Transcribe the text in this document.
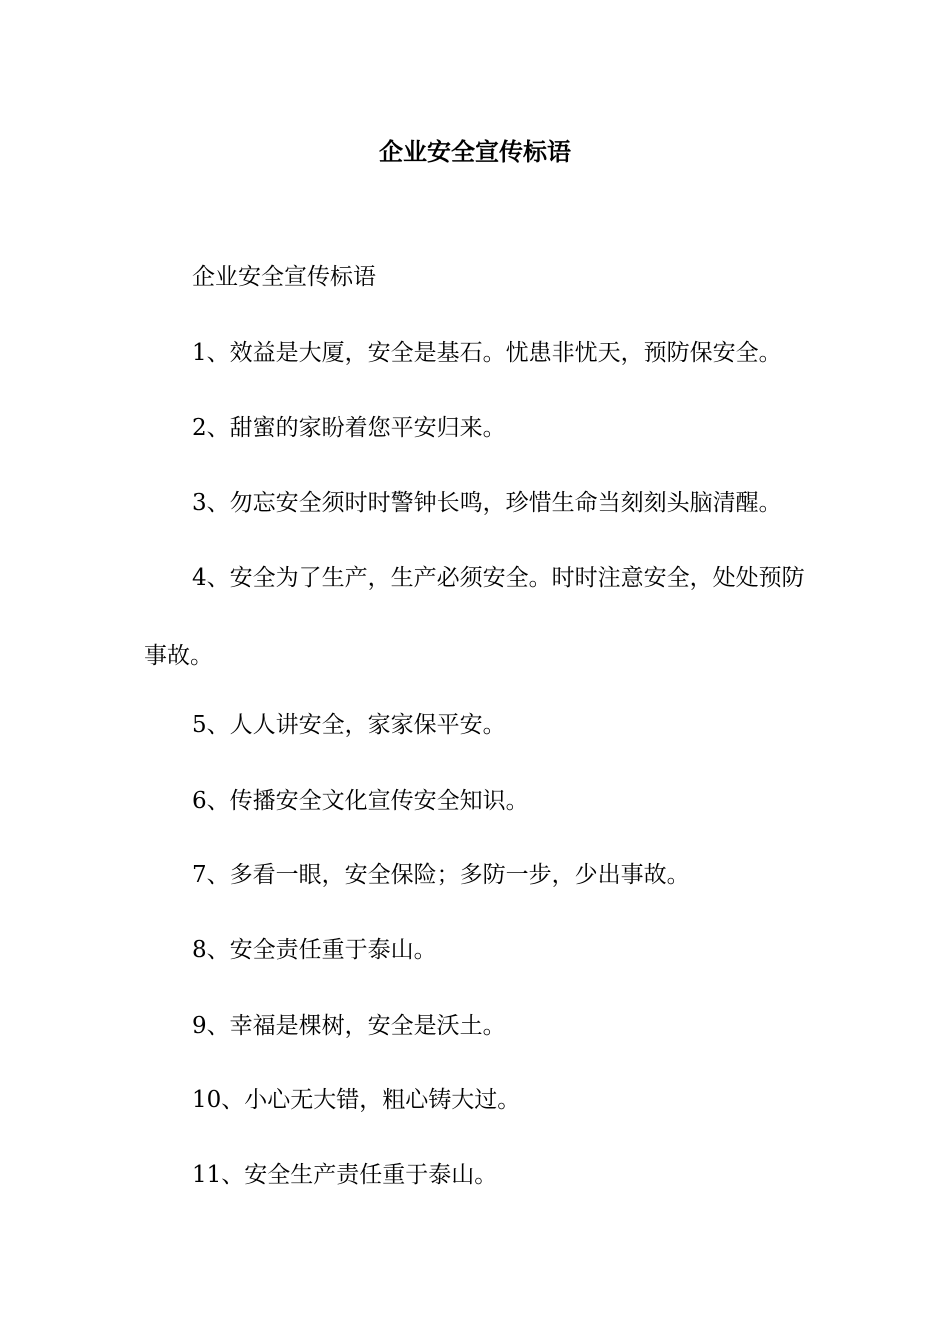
企业安全宣传标语

企业安全宣传标语

1、效益是大厦，安全是基石。忧患非忧天，预防保安全。

2、甜蜜的家盼着您平安归来。

3、勿忘安全须时时警钟长鸣，珍惜生命当刻刻头脑清醒。

4、安全为了生产，生产必须安全。时时注意安全，处处预防事故。

5、人人讲安全，家家保平安。

6、传播安全文化宣传安全知识。

7、多看一眼，安全保险；多防一步，少出事故。

8、安全责任重于泰山。

9、幸福是棵树，安全是沃土。

10、小心无大错，粗心铸大过。

11、安全生产责任重于泰山。
